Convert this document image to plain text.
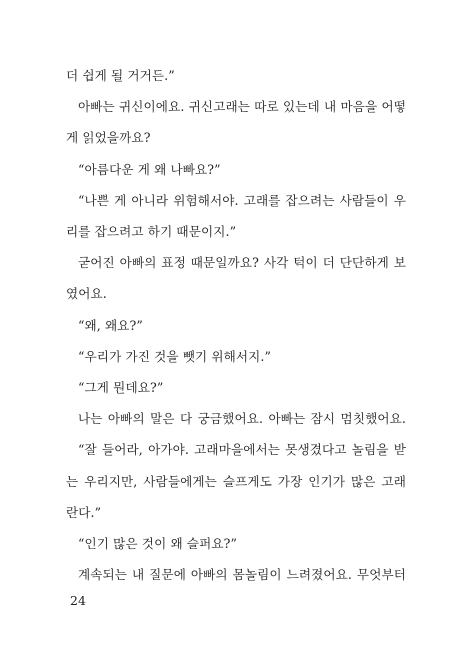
더 쉽게 될 거거든.”
아빠는 귀신이에요. 귀신고래는 따로 있는데 내 마음을 어떻
게 읽었을까요?
“아름다운 게 왜 나빠요?”
“나쁜 게 아니라 위험해서야. 고래를 잡으려는 사람들이 우
리를 잡으려고 하기 때문이지.”
굳어진 아빠의 표정 때문일까요? 사각 턱이 더 단단하게 보
였어요.
“왜, 왜요?”
“우리가 가진 것을 뺏기 위해서지.”
“그게 뭔데요?”
나는 아빠의 말은 다 궁금했어요. 아빠는 잠시 멈칫했어요.
“잘 들어라, 아가야. 고래마을에서는 못생겼다고 놀림을 받
는 우리지만, 사람들에게는 슬프게도 가장 인기가 많은 고래
란다.”
“인기 많은 것이 왜 슬퍼요?”
계속되는 내 질문에 아빠의 몸놀림이 느려졌어요. 무엇부터
24
